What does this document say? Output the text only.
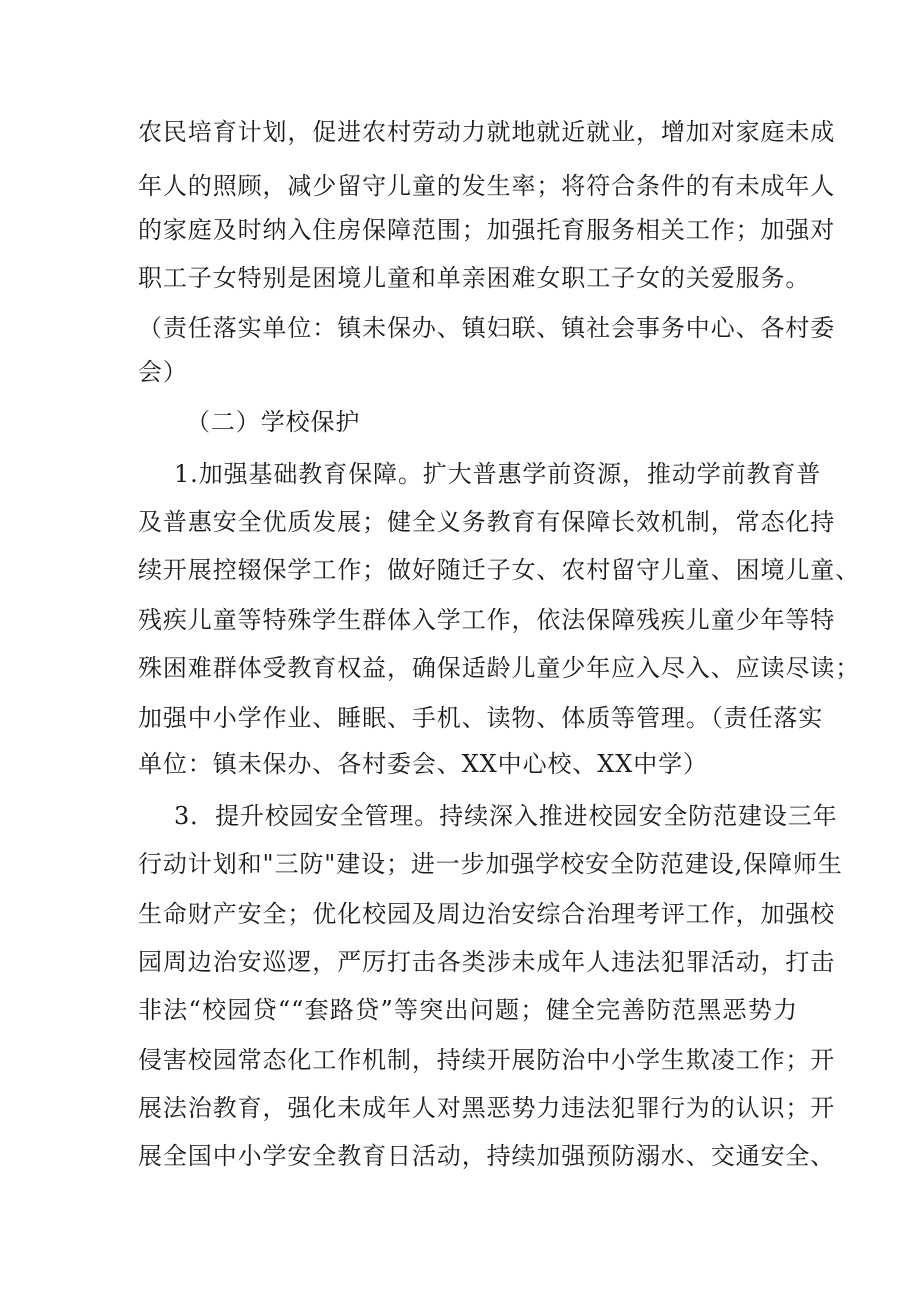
农民培育计划，促进农村劳动力就地就近就业，增加对家庭未成
年人的照顾，减少留守儿童的发生率；将符合条件的有未成年人
的家庭及时纳入住房保障范围；加强托育服务相关工作；加强对
职工子女特别是困境儿童和单亲困难女职工子女的关爱服务。
（责任落实单位：镇未保办、镇妇联、镇社会事务中心、各村委
会）
（二）学校保护
1.加强基础教育保障。扩大普惠学前资源，推动学前教育普
及普惠安全优质发展；健全义务教育有保障长效机制，常态化持
续开展控辍保学工作；做好随迁子女、农村留守儿童、困境儿童、
残疾儿童等特殊学生群体入学工作，依法保障残疾儿童少年等特
殊困难群体受教育权益，确保适龄儿童少年应入尽入、应读尽读；
加强中小学作业、睡眠、手机、读物、体质等管理。（责任落实
单位：镇未保办、各村委会、XX中心校、XX中学）
3．提升校园安全管理。持续深入推进校园安全防范建设三年
行动计划和"三防"建设；进一步加强学校安全防范建设,保障师生
生命财产安全；优化校园及周边治安综合治理考评工作，加强校
园周边治安巡逻，严厉打击各类涉未成年人违法犯罪活动，打击
非法“校园贷““套路贷”等突出问题；健全完善防范黑恶势力
侵害校园常态化工作机制，持续开展防治中小学生欺凌工作；开
展法治教育，强化未成年人对黑恶势力违法犯罪行为的认识；开
展全国中小学安全教育日活动，持续加强预防溺水、交通安全、
